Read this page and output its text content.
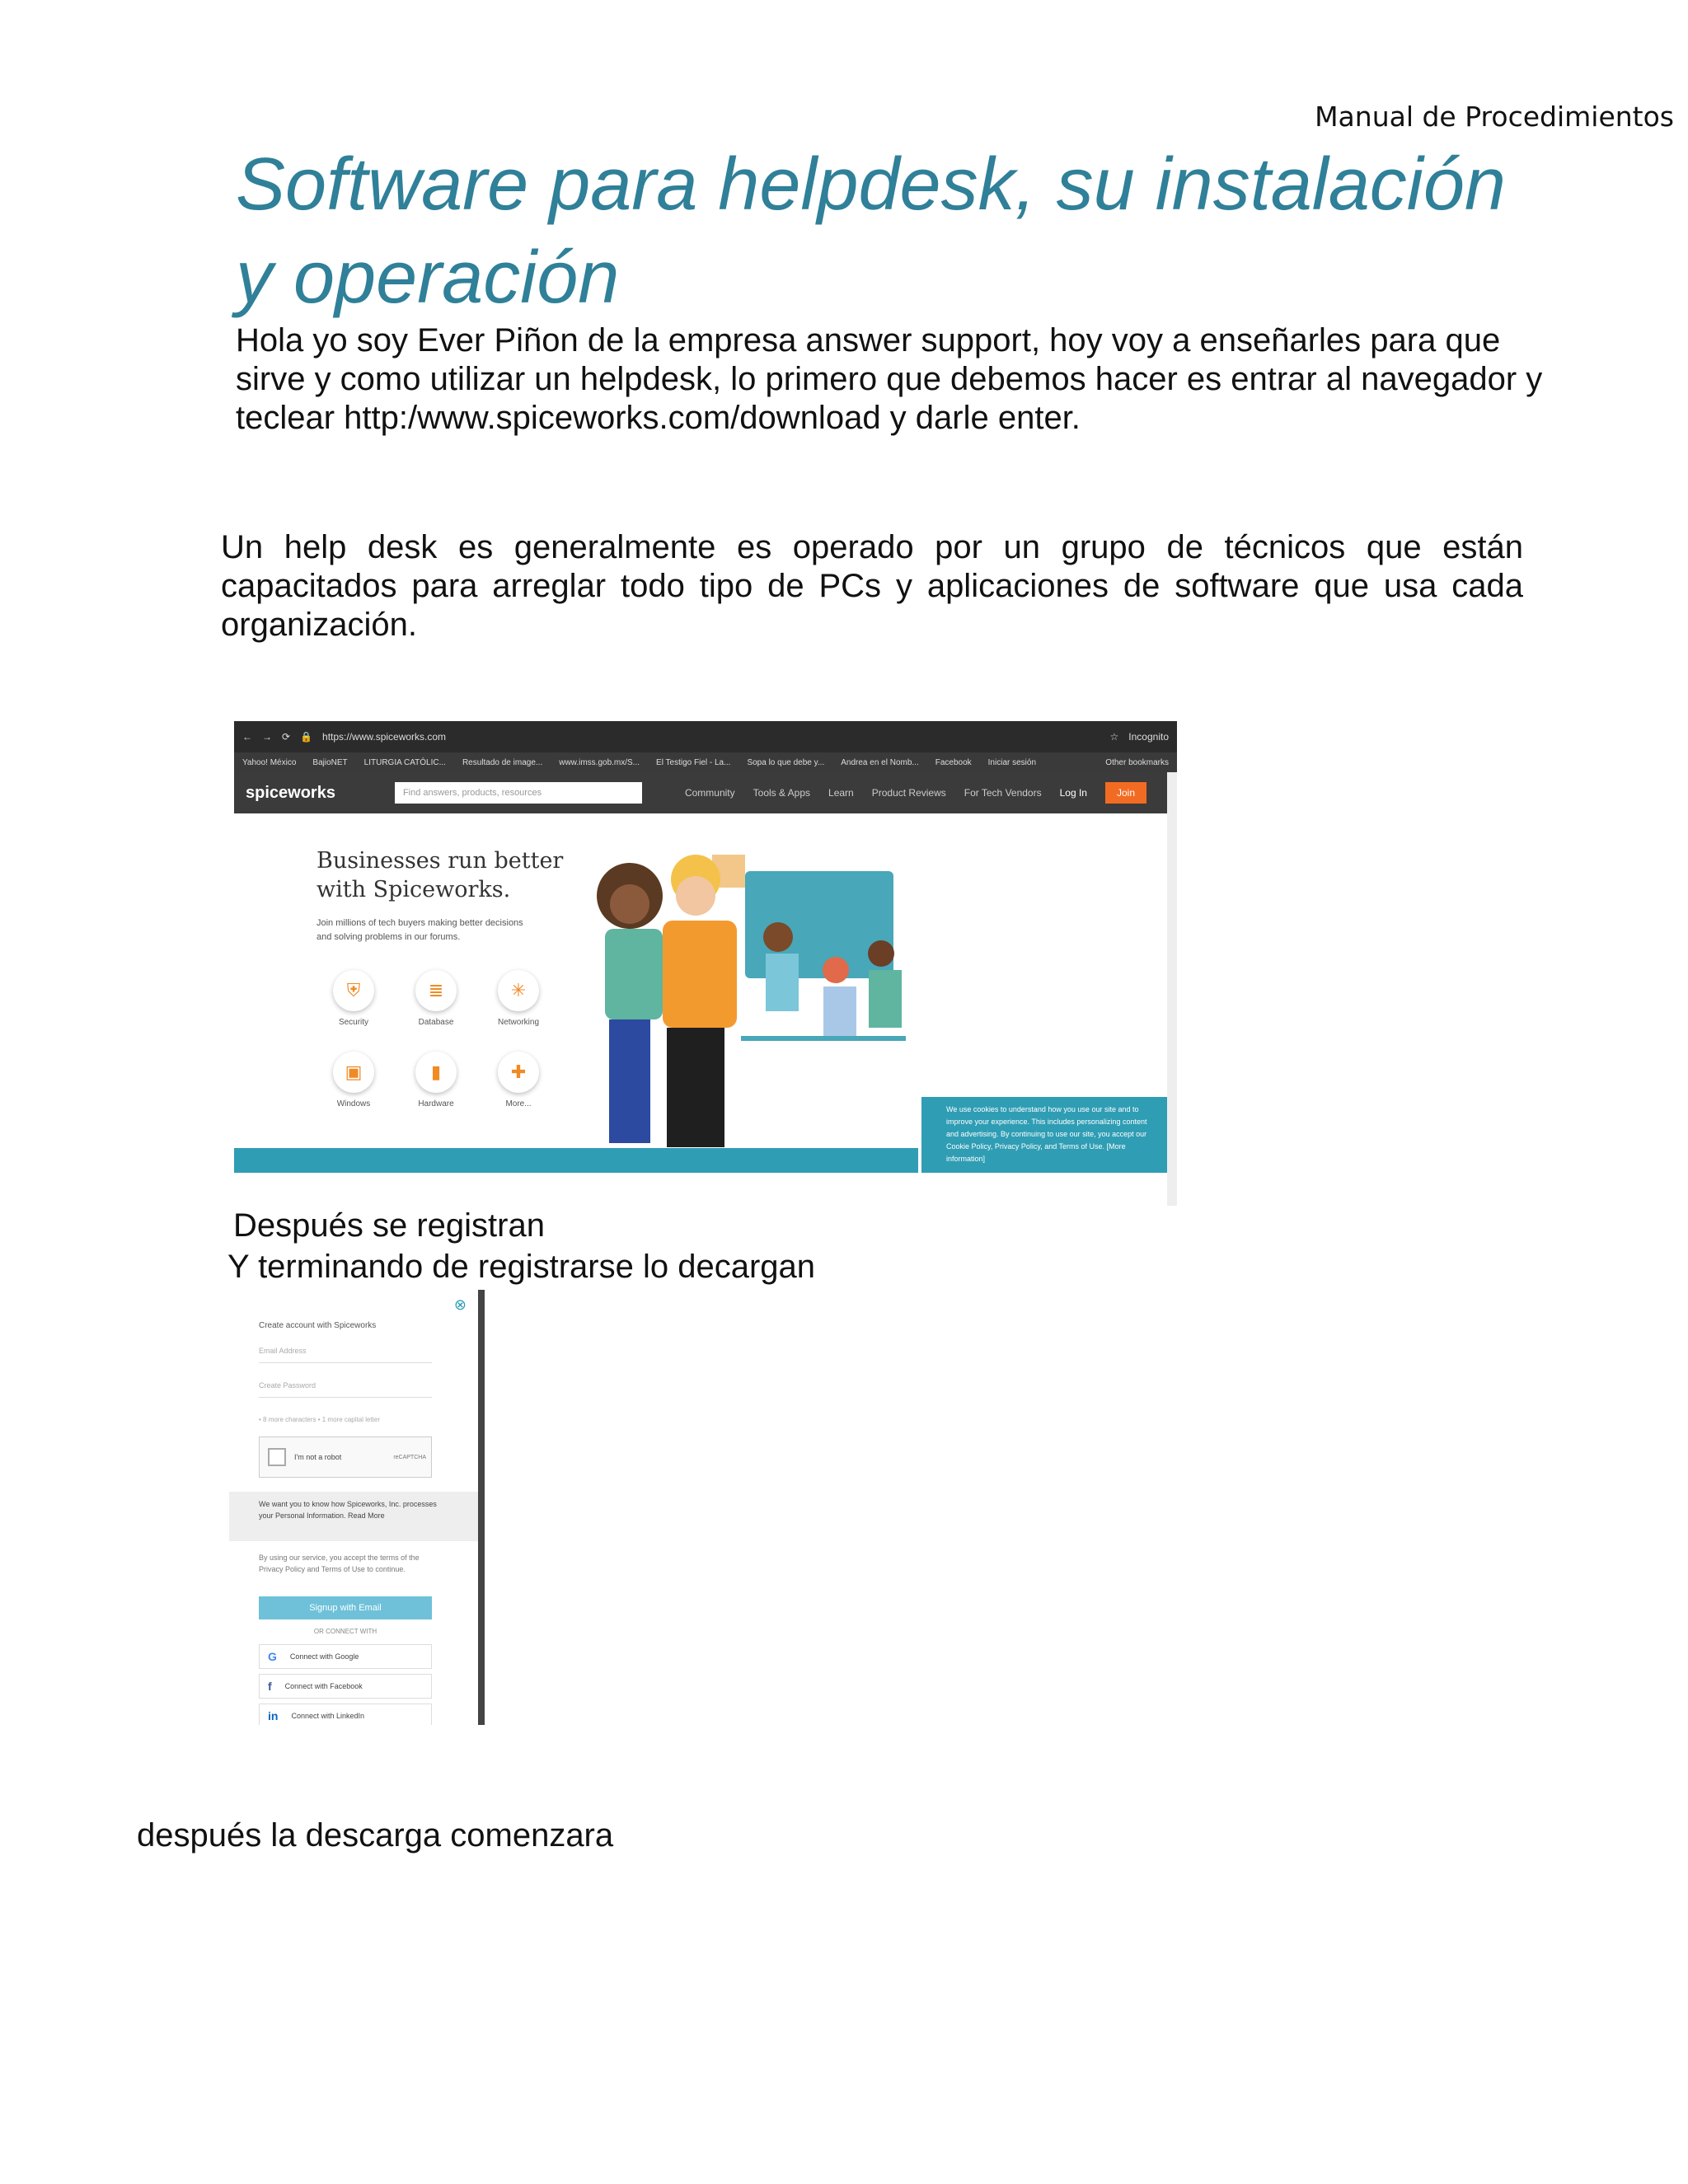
Manual de Procedimientos
Software para helpdesk, su instalación
y operación
Hola yo soy Ever Piñon de la empresa answer support, hoy voy a enseñarles para que sirve y como utilizar un helpdesk, lo primero que debemos hacer es entrar al navegador y teclear http:/www.spiceworks.com/download y darle enter.
Un help desk es generalmente es operado por un grupo de técnicos que están capacitados para arreglar todo tipo de PCs y aplicaciones de software que usa cada organización.
← → ⟳ 🔒 https://www.spiceworks.com	☆ Incognito
Yahoo! México BajioNET LITURGIA CATÓLIC... Resultado de image... www.imss.gob.mx/S... El Testigo Fiel - La... Sopa lo que debe y... Andrea en el Nomb... Facebook Iniciar sesión	Other bookmarks
spiceworks	Find answers, products, resources	Community Tools & Apps Learn Product Reviews For Tech Vendors Log In	Join
Businesses run better with Spiceworks.
Join millions of tech buyers making better decisions and solving problems in our forums.
⛨
Security
≣
Database
✳
Networking
▣
Windows
▮
Hardware
✚
More...
We use cookies to understand how you use our site and to improve your experience. This includes personalizing content and advertising. By continuing to use our site, you accept our Cookie Policy, Privacy Policy, and Terms of Use. [More information]
Después se registran
Y terminando de registrarse lo decargan
⊗
Create account with Spiceworks
Email Address
Create Password
• 8 more characters • 1 more capital letter
I'm not a robot	reCAPTCHA
We want you to know how Spiceworks, Inc. processes your Personal Information. Read More
By using our service, you accept the terms of the Privacy Policy and Terms of Use to continue.
Signup with Email
OR CONNECT WITH
G Connect with Google
f Connect with Facebook
in Connect with LinkedIn
después la descarga comenzara
